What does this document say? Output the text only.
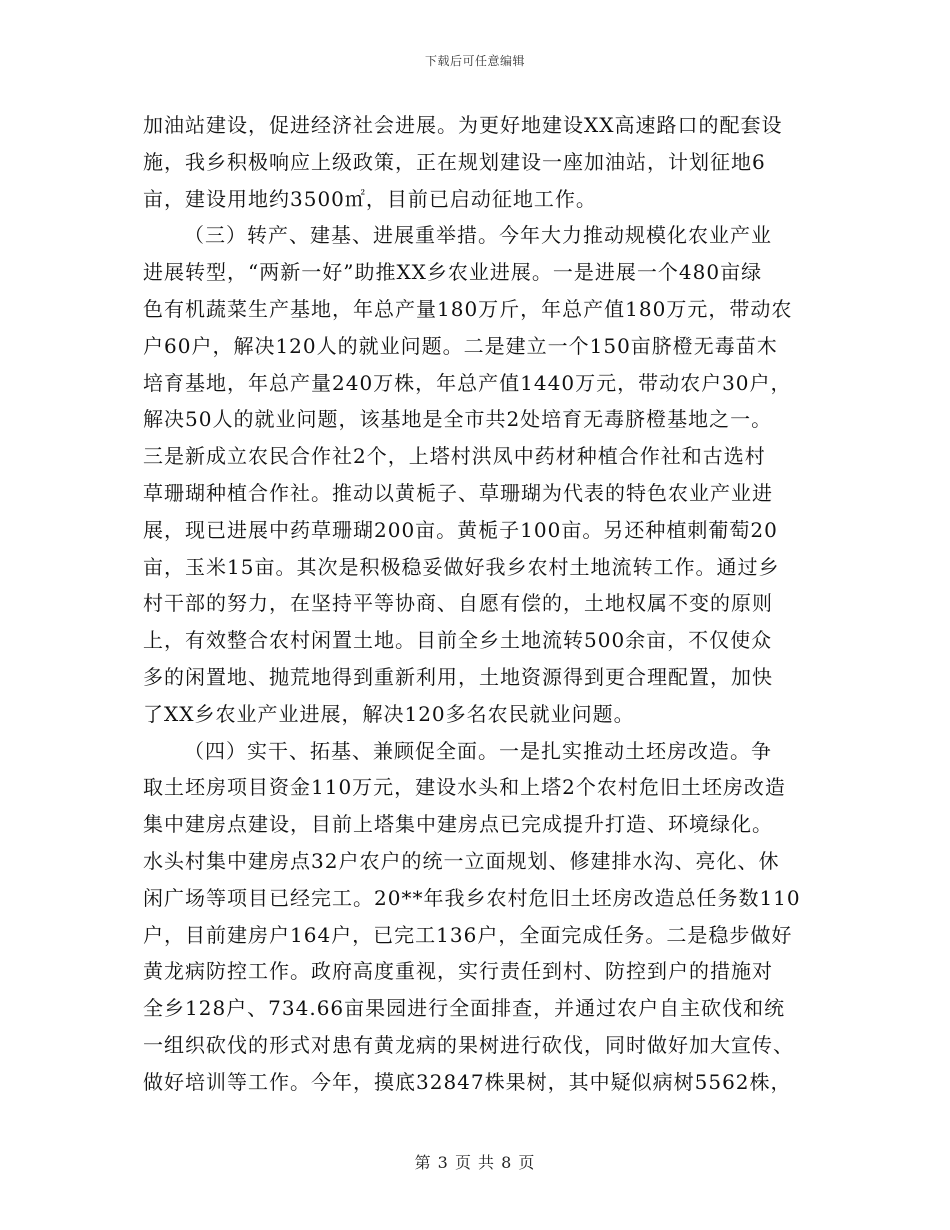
下载后可任意编辑
加油站建设，促进经济社会进展。为更好地建设XX高速路口的配套设
施，我乡积极响应上级政策，正在规划建设一座加油站，计划征地6
亩，建设用地约3500㎡，目前已启动征地工作。
（三）转产、建基、进展重举措。今年大力推动规模化农业产业
进展转型，“两新一好”助推XX乡农业进展。一是进展一个480亩绿
色有机蔬菜生产基地，年总产量180万斤，年总产值180万元，带动农
户60户，解决120人的就业问题。二是建立一个150亩脐橙无毒苗木
培育基地，年总产量240万株，年总产值1440万元，带动农户30户，
解决50人的就业问题，该基地是全市共2处培育无毒脐橙基地之一。
三是新成立农民合作社2个，上塔村洪凤中药材种植合作社和古选村
草珊瑚种植合作社。推动以黄栀子、草珊瑚为代表的特色农业产业进
展，现已进展中药草珊瑚200亩。黄栀子100亩。另还种植刺葡萄20
亩，玉米15亩。其次是积极稳妥做好我乡农村土地流转工作。通过乡
村干部的努力，在坚持平等协商、自愿有偿的，土地权属不变的原则
上，有效整合农村闲置土地。目前全乡土地流转500余亩，不仅使众
多的闲置地、抛荒地得到重新利用，土地资源得到更合理配置，加快
了XX乡农业产业进展，解决120多名农民就业问题。
（四）实干、拓基、兼顾促全面。一是扎实推动土坯房改造。争
取土坯房项目资金110万元，建设水头和上塔2个农村危旧土坯房改造
集中建房点建设，目前上塔集中建房点已完成提升打造、环境绿化。
水头村集中建房点32户农户的统一立面规划、修建排水沟、亮化、休
闲广场等项目已经完工。20**年我乡农村危旧土坯房改造总任务数110
户，目前建房户164户，已完工136户，全面完成任务。二是稳步做好
黄龙病防控工作。政府高度重视，实行责任到村、防控到户的措施对
全乡128户、734.66亩果园进行全面排查，并通过农户自主砍伐和统
一组织砍伐的形式对患有黄龙病的果树进行砍伐，同时做好加大宣传、
做好培训等工作。今年，摸底32847株果树，其中疑似病树5562株，
第 3 页 共 8 页
